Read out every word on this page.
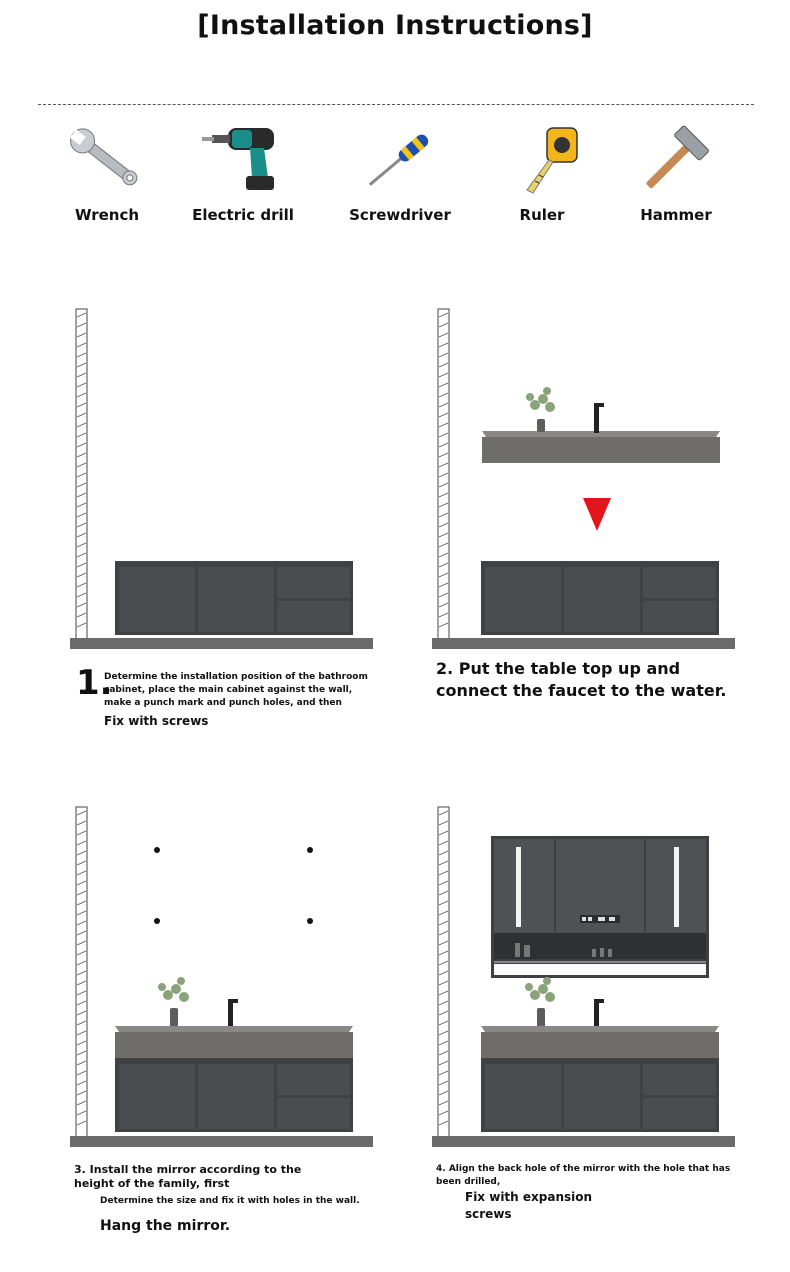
[Installation Instructions]
Wrench	Electric drill	Screwdriver	Ruler	Hammer
1.
Determine the installation position of the bathroom cabinet, place the main cabinet against the wall, make a punch mark and punch holes, and then
Fix with screws
2. Put the table top up and connect the faucet to the water.
3. Install the mirror according to the height of the family, first
Determine the size and fix it with holes in the wall.
Hang the mirror.
4. Align the back hole of the mirror with the hole that has been drilled,
Fix with expansion screws
